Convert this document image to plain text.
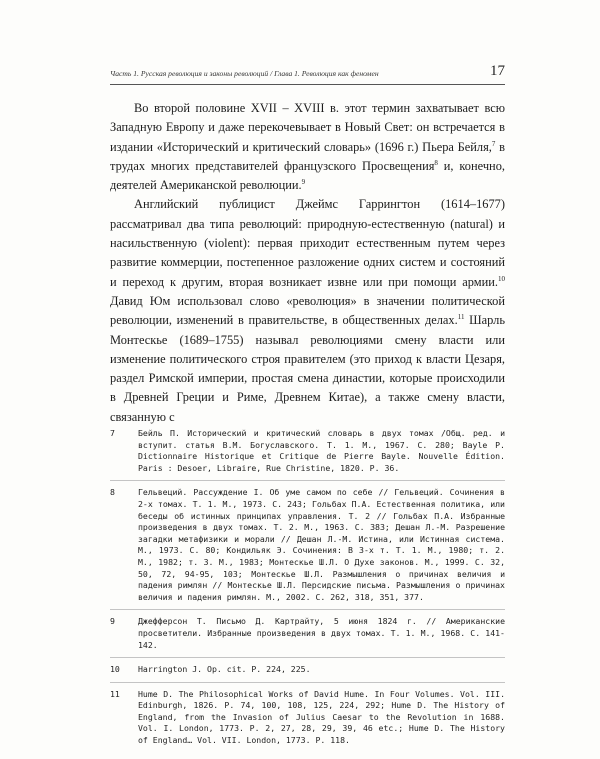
Часть 1. Русская революция и законы революций / Глава 1. Революция как феномен	17

Во второй половине XVII – XVIII в. этот термин захватывает всю Западную Европу и даже перекочевывает в Новый Свет: он встречается в издании «Исторический и критический словарь» (1696 г.) Пьера Бейля,$^7$ в трудах многих представителей французского Просвещения$^8$ и, конечно, деятелей Американской революции.$^9$

Английский публицист Джеймс Гаррингтон (1614–1677) рассматривал два типа революций: природную-естественную (natural) и насильственную (violent): первая приходит естественным путем через развитие коммерции, постепенное разложение одних систем и состояний и переход к другим, вторая возникает извне или при помощи армии.$^{10}$ Давид Юм использовал слово «революция» в значении политической революции, изменений в правительстве, в общественных делах.$^{11}$ Шарль Монтескье (1689–1755) называл революциями смену власти или изменение политического строя правителем (это приход к власти Цезаря, раздел Римской империи, простая смена династии, которые происходили в Древней Греции и Риме, Древнем Китае), а также смену власти, связанную с

7	Бейль П. Исторический и критический словарь в двух томах /Общ. ред. и вступит. статья В.М. Богуславского. Т. 1. М., 1967. С. 280; Bayle P. Dictionnaire Historique et Critique de Pierre Bayle. Nouvelle Édition. Paris : Desoer, Libraire, Rue Christine, 1820. P. 36.
8	Гельвеций. Рассуждение I. Об уме самом по себе // Гельвеций. Сочинения в 2-х томах. Т. 1. М., 1973. С. 243; Гольбах П.А. Естественная политика, или беседы об истинных принципах управления. Т. 2 // Гольбах П.А. Избранные произведения в двух томах. Т. 2. М., 1963. С. 383; Дешан Л.-М. Разрешение загадки метафизики и морали // Дешан Л.-М. Истина, или Истинная система. М., 1973. С. 80; Кондильяк Э. Сочинения: В 3-х т. Т. 1. М., 1980; т. 2. М., 1982; т. 3. М., 1983; Монтескье Ш.Л. О Духе законов. М., 1999. С. 32, 50, 72, 94-95, 103; Монтескье Ш.Л. Размышления о причинах величия и падения римлян // Монтескье Ш.Л. Персидские письма. Размышления о причинах величия и падения римлян. М., 2002. С. 262, 318, 351, 377.
9	Джефферсон Т. Письмо Д. Картрайту, 5 июня 1824 г. // Американские просветители. Избранные произведения в двух томах. Т. 1. М., 1968. С. 141-142.
10	Harrington J. Op. cit. P. 224, 225.
11	Hume D. The Philosophical Works of David Hume. In Four Volumes. Vol. III. Edinburgh, 1826. P. 74, 100, 108, 125, 224, 292; Hume D. The History of England, from the Invasion of Julius Caesar to the Revolution in 1688. Vol. I. London, 1773. P. 2, 27, 28, 29, 39, 46 etc.; Hume D. The History of England… Vol. VII. London, 1773. P. 118.
